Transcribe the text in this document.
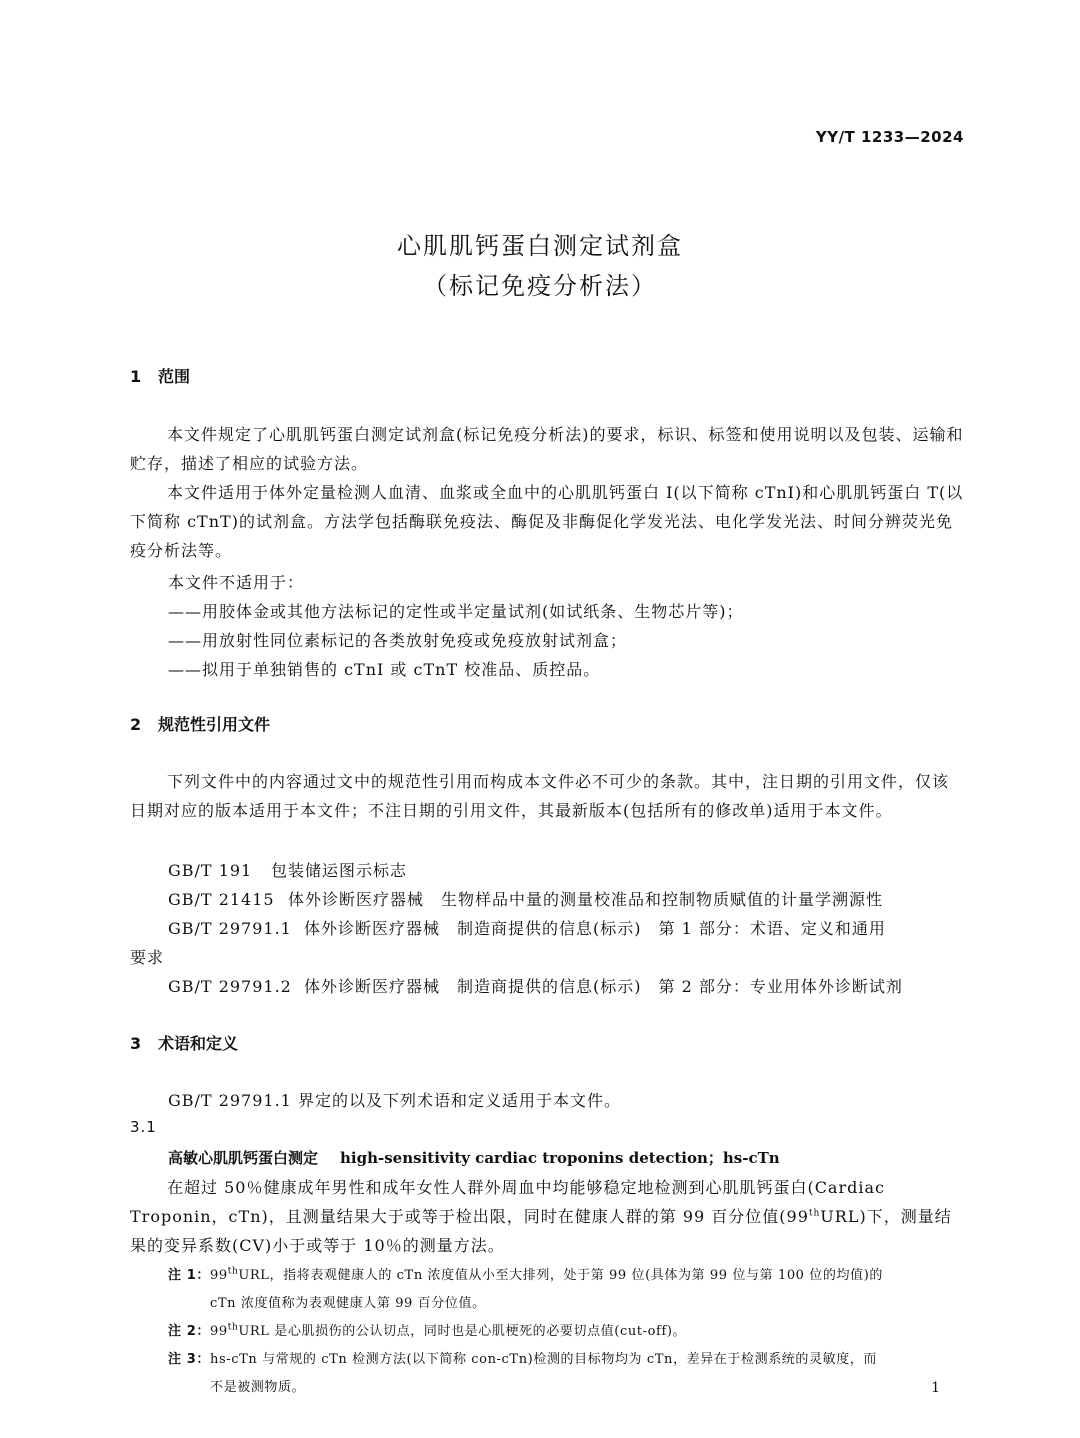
YY/T 1233—2024
心肌肌钙蛋白测定试剂盒
（标记免疫分析法）
1 范围
本文件规定了心肌肌钙蛋白测定试剂盒(标记免疫分析法)的要求，标识、标签和使用说明以及包装、运输和贮存，描述了相应的试验方法。
本文件适用于体外定量检测人血清、血浆或全血中的心肌肌钙蛋白 I(以下简称 cTnI)和心肌肌钙蛋白 T(以下简称 cTnT)的试剂盒。方法学包括酶联免疫法、酶促及非酶促化学发光法、电化学发光法、时间分辨荧光免疫分析法等。
本文件不适用于：
——用胶体金或其他方法标记的定性或半定量试剂(如试纸条、生物芯片等)；
——用放射性同位素标记的各类放射免疫或免疫放射试剂盒；
——拟用于单独销售的 cTnI 或 cTnT 校准品、质控品。
2 规范性引用文件
下列文件中的内容通过文中的规范性引用而构成本文件必不可少的条款。其中，注日期的引用文件，仅该日期对应的版本适用于本文件；不注日期的引用文件，其最新版本(包括所有的修改单)适用于本文件。
GB/T 191 包装储运图示标志
GB/T 21415 体外诊断医疗器械　生物样品中量的测量校准品和控制物质赋值的计量学溯源性
GB/T 29791.1 体外诊断医疗器械　制造商提供的信息(标示)　第 1 部分：术语、定义和通用
要求
GB/T 29791.2 体外诊断医疗器械　制造商提供的信息(标示)　第 2 部分：专业用体外诊断试剂
3 术语和定义
GB/T 29791.1 界定的以及下列术语和定义适用于本文件。
3.1
高敏心肌肌钙蛋白测定 high-sensitivity cardiac troponins detection；hs-cTn
在超过 50％健康成年男性和成年女性人群外周血中均能够稳定地检测到心肌肌钙蛋白(Cardiac Troponin，cTn)，且测量结果大于或等于检出限，同时在健康人群的第 99 百分位值(99thURL)下，测量结果的变异系数(CV)小于或等于 10％的测量方法。
注 1：99thURL，指将表观健康人的 cTn 浓度值从小至大排列，处于第 99 位(具体为第 99 位与第 100 位的均值)的
cTn 浓度值称为表观健康人第 99 百分位值。
注 2：99thURL 是心肌损伤的公认切点，同时也是心肌梗死的必要切点值(cut-off)。
注 3：hs-cTn 与常规的 cTn 检测方法(以下简称 con-cTn)检测的目标物均为 cTn，差异在于检测系统的灵敏度，而
不是被测物质。	1
